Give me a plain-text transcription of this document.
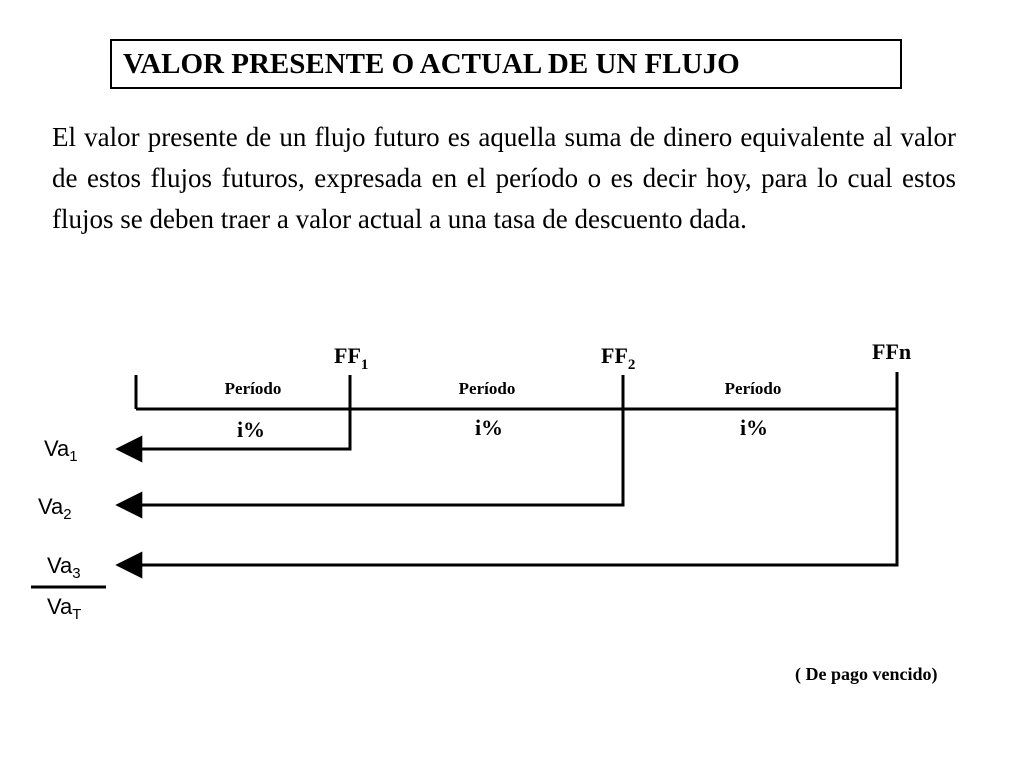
VALOR PRESENTE O ACTUAL DE UN FLUJO

El valor presente de un flujo futuro es aquella suma de dinero equivalente al valor de estos flujos futuros, expresada en el período o es decir hoy, para lo cual estos flujos se deben traer a valor actual a una tasa de descuento dada.

$FF_1$	$FF_2$
FFn
Período	Período	Período
i%	i%	i%
$Va_1$
$Va_2$
$Va_3$
$Va_T$
( De pago vencido)
